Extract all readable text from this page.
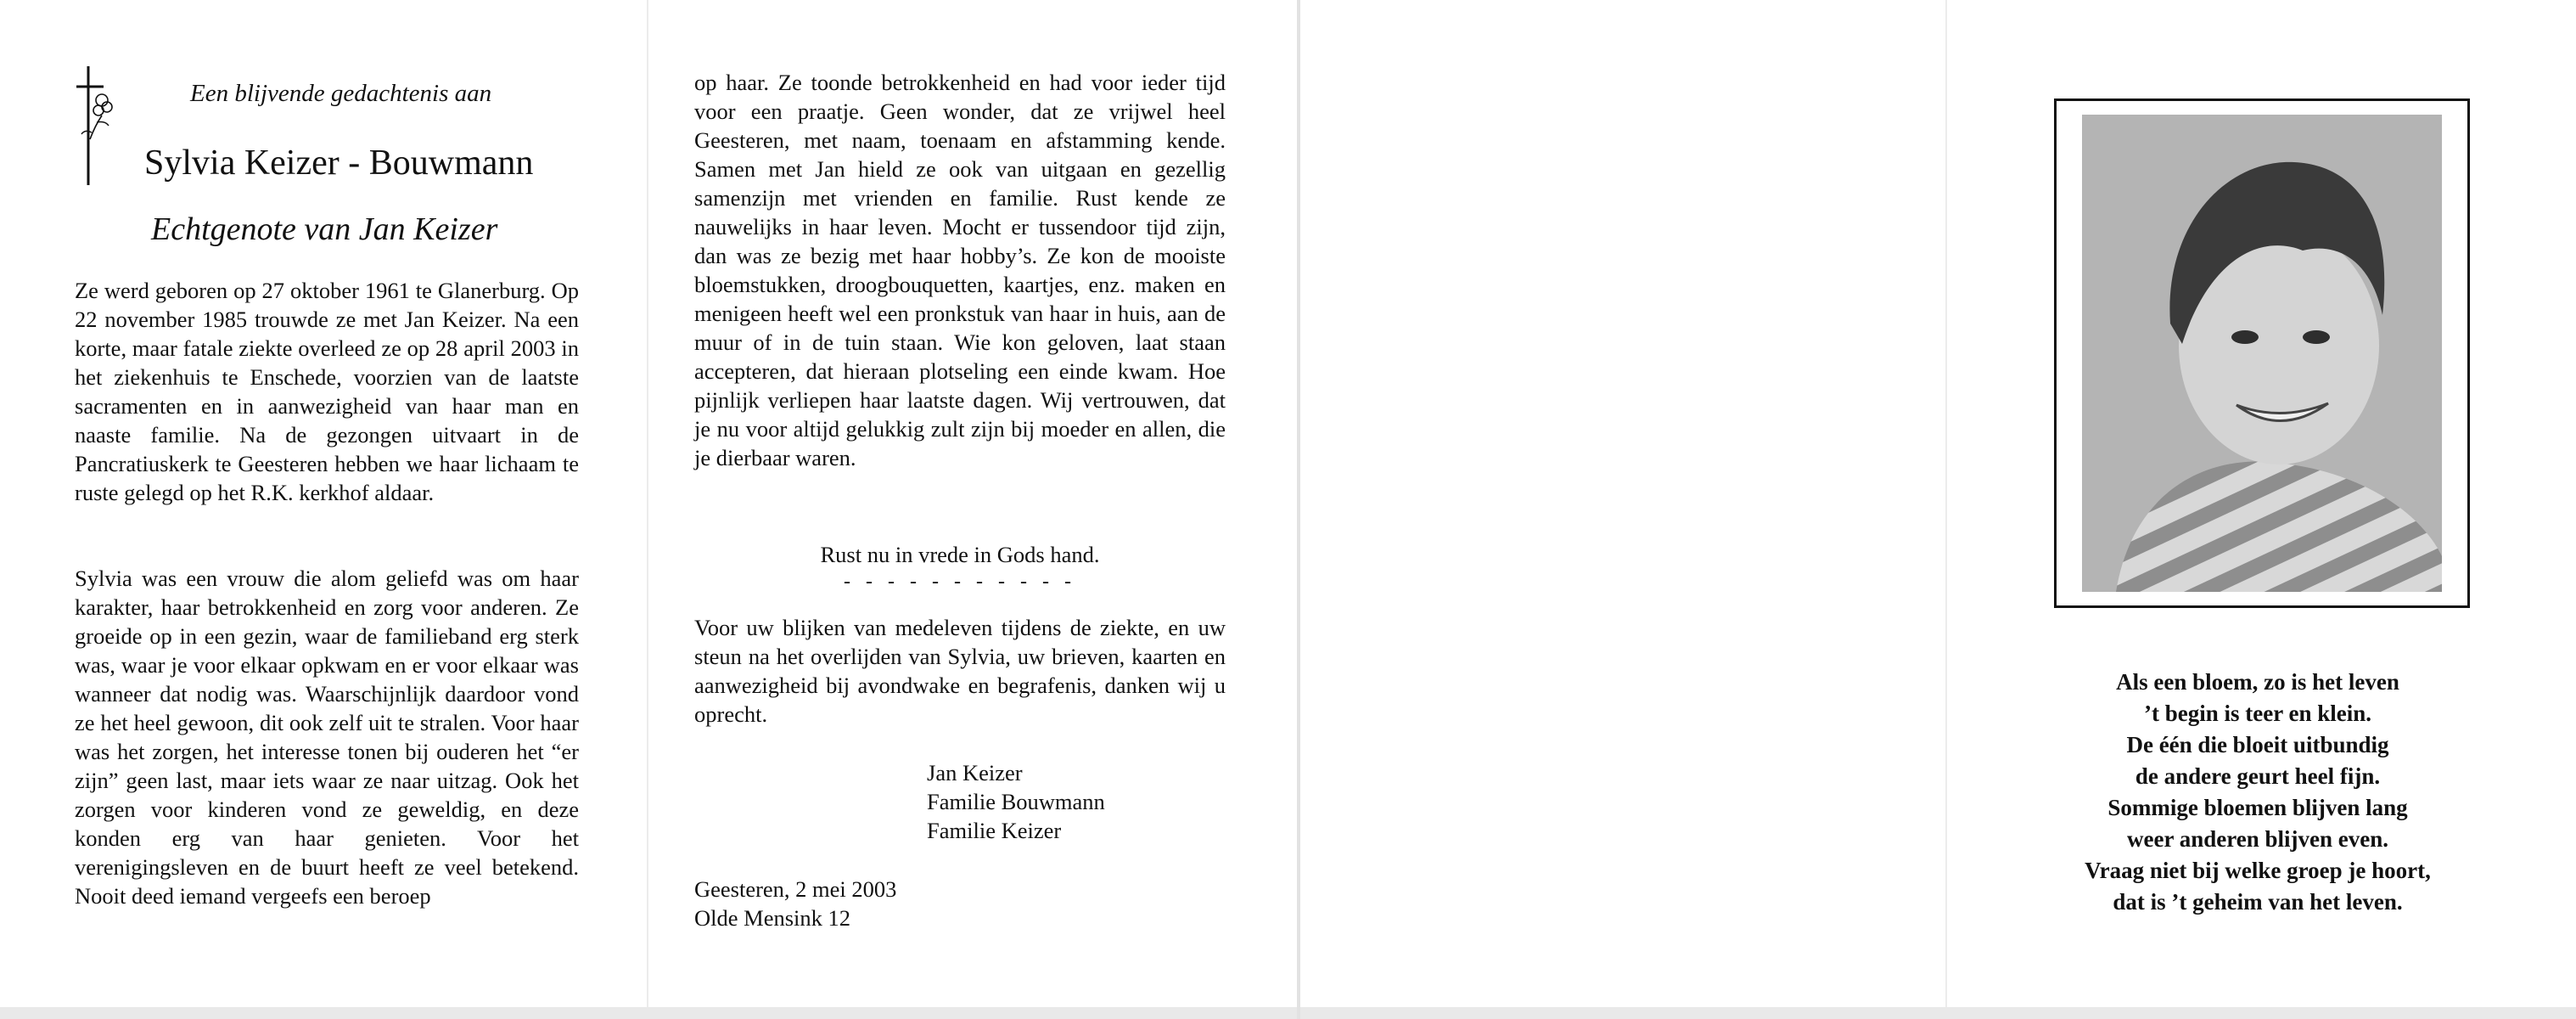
Een blijvende gedachtenis aan
Sylvia Keizer - Bouwmann
Echtgenote van Jan Keizer

Ze werd geboren op 27 oktober 1961 te Glanerburg. Op 22 november 1985 trouwde ze met Jan Keizer. Na een korte, maar fatale ziekte overleed ze op 28 april 2003 in het ziekenhuis te Enschede, voorzien van de laatste sacramenten en in aanwezigheid van haar man en naaste familie. Na de gezongen uitvaart in de Pancratiuskerk te Geesteren hebben we haar lichaam te ruste gelegd op het R.K. kerkhof aldaar.

Sylvia was een vrouw die alom geliefd was om haar karakter, haar betrokkenheid en zorg voor anderen. Ze groeide op in een gezin, waar de familieband erg sterk was, waar je voor elkaar opkwam en er voor elkaar was wanneer dat nodig was. Waarschijnlijk daardoor vond ze het heel gewoon, dit ook zelf uit te stralen. Voor haar was het zorgen, het interesse tonen bij ouderen het “er zijn” geen last, maar iets waar ze naar uitzag. Ook het zorgen voor kinderen vond ze geweldig, en deze konden erg van haar genieten. Voor het verenigingsleven en de buurt heeft ze veel betekend. Nooit deed iemand vergeefs een beroep

op haar. Ze toonde betrokkenheid en had voor ieder tijd voor een praatje. Geen wonder, dat ze vrijwel heel Geesteren, met naam, toenaam en afstamming kende. Samen met Jan hield ze ook van uitgaan en gezellig samenzijn met vrienden en familie. Rust kende ze nauwelijks in haar leven. Mocht er tussendoor tijd zijn, dan was ze bezig met haar hobby’s. Ze kon de mooiste bloemstukken, droogbouquetten, kaartjes, enz. maken en menigeen heeft wel een pronkstuk van haar in huis, aan de muur of in de tuin staan. Wie kon geloven, laat staan accepteren, dat hieraan plotseling een einde kwam. Hoe pijnlijk verliepen haar laatste dagen. Wij vertrouwen, dat je nu voor altijd gelukkig zult zijn bij moeder en allen, die je dierbaar waren.

Rust nu in vrede in Gods hand.
- - - - - - - - - - -

Voor uw blijken van medeleven tijdens de ziekte, en uw steun na het overlijden van Sylvia, uw brieven, kaarten en aanwezigheid bij avondwake en begrafenis, danken wij u oprecht.

Jan Keizer
Familie Bouwmann
Familie Keizer
Geesteren, 2 mei 2003
Olde Mensink 12
Als een bloem, zo is het leven
’t begin is teer en klein.
De één die bloeit uitbundig
de andere geurt heel fijn.
Sommige bloemen blijven lang
weer anderen blijven even.
Vraag niet bij welke groep je hoort,
dat is ’t geheim van het leven.
